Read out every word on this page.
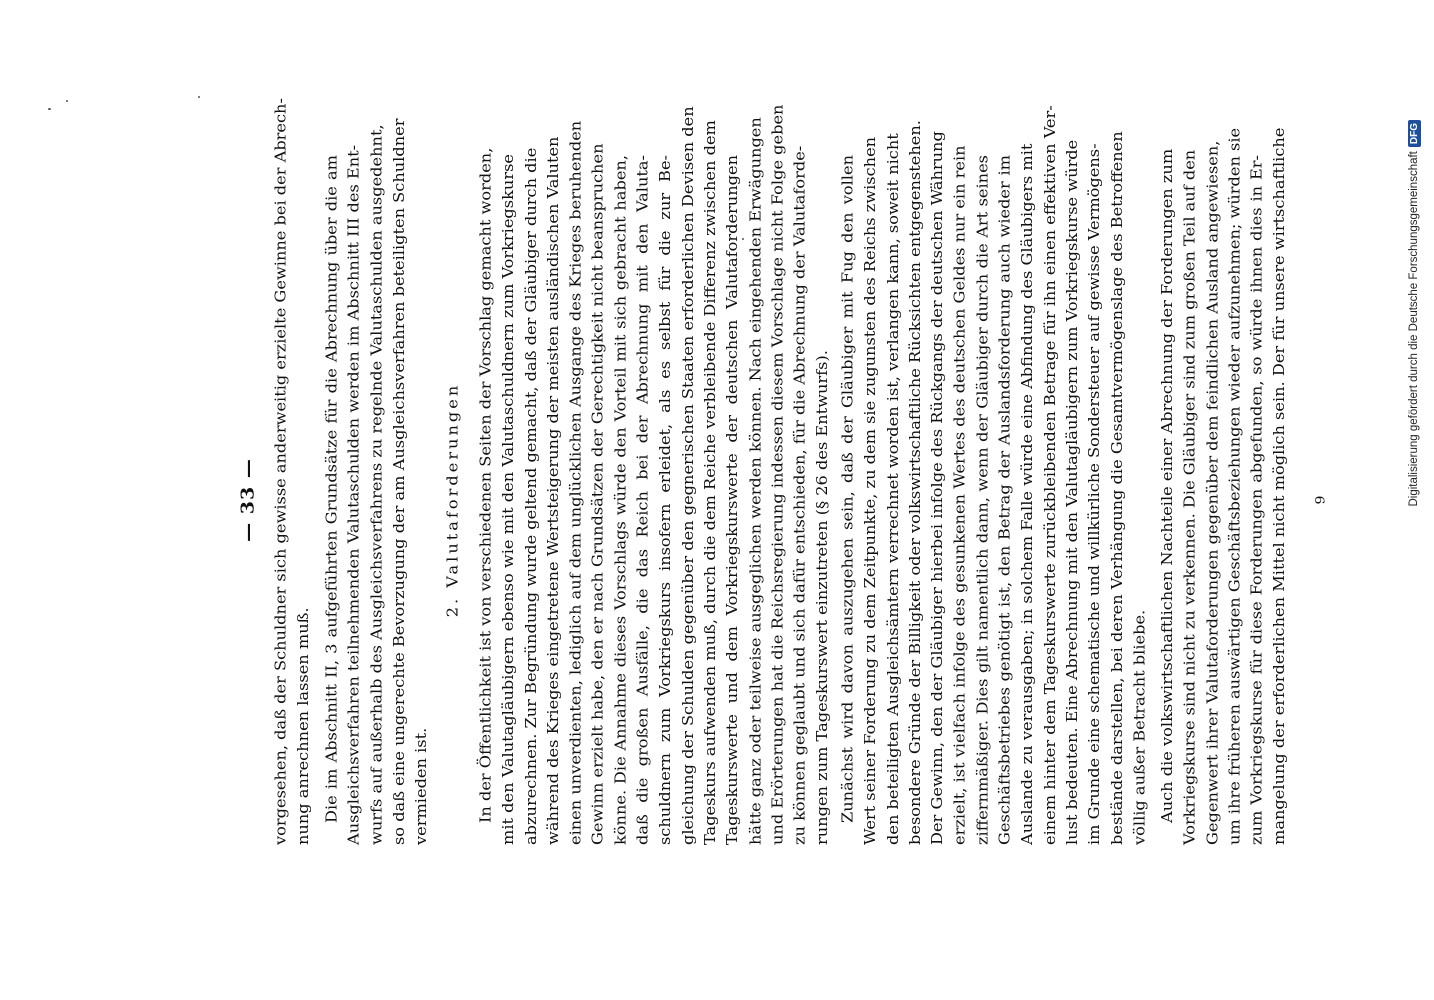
— 33 — vorgesehen, daß der Schuldner sich gewisse anderweitig erzielte Gewinne bei der Abrech- nung anrechnen lassen muß. Die im Abschnitt II, 3 aufgeführten Grundsätze für die Abrechnung über die am Ausgleichsverfahren teilnehmenden Valutaschulden werden im Abschnitt III des Ent- wurfs auf außerhalb des Ausgleichsverfahrens zu regelnde Valutaschulden ausgedehnt, so daß eine ungerechte Bevorzugung der am Ausgleichsverfahren beteiligten Schuldner vermieden ist.
2. Valutaforderungen In der Öffentlichkeit ist von verschiedenen Seiten der Vorschlag gemacht worden, mit den Valutagläubigern ebenso wie mit den Valutaschuldnern zum Vorkriegskurse abzurechnen. Zur Begründung wurde geltend gemacht, daß der Gläubiger durch die während des Krieges eingetretene Wertsteigerung der meisten ausländischen Valuten einen unverdienten, lediglich auf dem unglücklichen Ausgange des Krieges beruhenden Gewinn erzielt habe, den er nach Grundsätzen der Gerechtigkeit nicht beanspruchen könne. Die Annahme dieses Vorschlags würde den Vorteil mit sich gebracht haben, daß die großen Ausfälle, die das Reich bei der Abrechnung mit den Valuta- schuldnern zum Vorkriegskurs insofern erleidet, als es selbst für die zur Be- gleichung der Schulden gegenüber den gegnerischen Staaten erforderlichen Devisen den Tageskurs aufwenden muß, durch die dem Reiche verbleibende Differenz zwischen dem Tageskurswerte und dem Vorkriegskurswerte der deutschen Valutaforderungen hätte ganz oder teilweise ausgeglichen werden können. Nach eingehenden Erwägungen und Erörterungen hat die Reichsregierung indessen diesem Vorschlage nicht Folge geben zu können geglaubt und sich dafür entschieden, für die Abrechnung der Valutaforde- rungen zum Tageskurswert einzutreten (§ 26 des Entwurfs). Zunächst wird davon auszugehen sein, daß der Gläubiger mit Fug den vollen Wert seiner Forderung zu dem Zeitpunkte, zu dem sie zugunsten des Reichs zwischen den beteiligten Ausgleichsämtern verrechnet worden ist, verlangen kann, soweit nicht besondere Gründe der Billigkeit oder volkswirtschaftliche Rücksichten entgegenstehen. Der Gewinn, den der Gläubiger hierbei infolge des Rückgangs der deutschen Währung erzielt, ist vielfach infolge des gesunkenen Wertes des deutschen Geldes nur ein rein ziffernmäßiger. Dies gilt namentlich dann, wenn der Gläubiger durch die Art seines Geschäftsbetriebes genötigt ist, den Betrag der Auslandsforderung auch wieder im Auslande zu verausgaben; in solchem Falle würde eine Abfindung des Gläubigers mit einem hinter dem Tageskurswerte zurückbleibenden Betrage für ihn einen effektiven Ver- lust bedeuten. Eine Abrechnung mit den Valutagläubigern zum Vorkriegskurse würde im Grunde eine schematische und willkürliche Sondersteuer auf gewisse Vermögens- bestände darstellen, bei deren Verhängung die Gesamtvermögenslage des Betroffenen völlig außer Betracht bliebe. Auch die volkswirtschaftlichen Nachteile einer Abrechnung der Forderungen zum Vorkriegskurse sind nicht zu verkennen. Die Gläubiger sind zum großen Teil auf den Gegenwert ihrer Valutaforderungen gegenüber dem feindlichen Ausland angewiesen, um ihre früheren auswärtigen Geschäftsbeziehungen wieder aufzunehmen; würden sie zum Vorkriegskurse für diese Forderungen abgefunden, so würde ihnen dies in Er- mangelung der erforderlichen Mittel nicht möglich sein. Der für unsere wirtschaftliche 9	Digitalisierung gefördert durch die Deutsche Forschungsgemeinschaft
DFG
